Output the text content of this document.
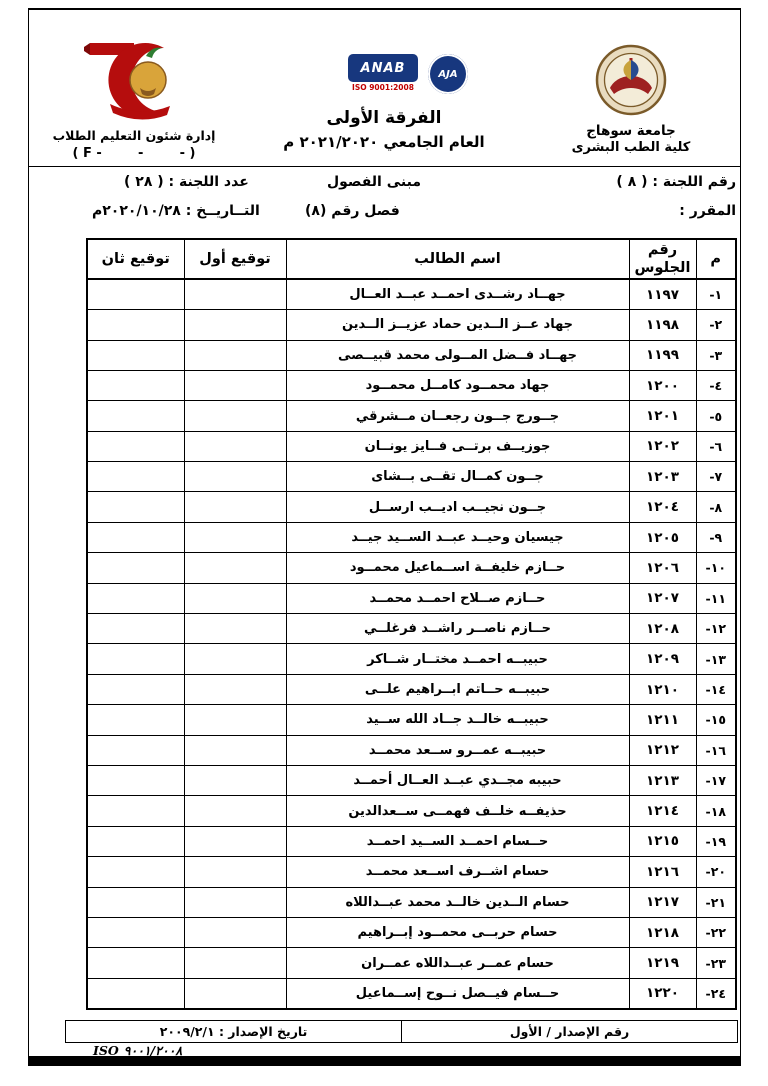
جامعة سوهاج
كلية الطب البشرى
ANAB
ISO 9001:2008
AJA
الفرقة الأولى
العام الجامعي ٢٠٢١/٢٠٢٠ م
إدارة شئون التعليم الطلاب
( F -        -        - )
رقم اللجنة : ( ٨ )
مبنى الفصول
عدد اللجنة : ( ٢٨ )
المقرر :
فصل رقم (٨)
التــاريــخ : ٢٠٢٠/١٠/٢٨م
م	رقم الجلوس	اسم الطالب	توقيع أول	توقيع ثان
١-	١١٩٧	جهــاد رشــدى احمــد عبــد العــال		
٢-	١١٩٨	جهاد عــز الــدين حماد عزيــز الــدين		
٣-	١١٩٩	جهــاد فــضل المــولى محمد قبيــصى		
٤-	١٢٠٠	جهاد محمــود كامــل محمــود		
٥-	١٢٠١	جــورج جــون رجعــان مــشرقي		
٦-	١٢٠٢	جوزيــف برتــى فــايز يونــان		
٧-	١٢٠٣	جــون كمــال تقــى بــشاى		
٨-	١٢٠٤	جــون نجيــب اديــب ارســل		
٩-	١٢٠٥	جيسيان وحيــد عبــد الســيد جيــد		
١٠-	١٢٠٦	حــازم خليفــة اســماعيل محمــود		
١١-	١٢٠٧	حــازم صــلاح احمــد محمــد		
١٢-	١٢٠٨	حــازم ناصــر راشــد فرغلــي		
١٣-	١٢٠٩	حبيبــه احمــد مختــار شــاكر		
١٤-	١٢١٠	حبيبــه حــاتم ابــراهيم علــى		
١٥-	١٢١١	حبيبــه خالــد جــاد الله ســيد		
١٦-	١٢١٢	حبيبــه عمــرو ســعد محمــد		
١٧-	١٢١٣	حبيبه مجــدي عبــد العــال أحمــد		
١٨-	١٢١٤	حذيفــه خلــف فهمــى ســعدالدين		
١٩-	١٢١٥	حــسام احمــد الســيد احمــد		
٢٠-	١٢١٦	حسام اشــرف اســعد محمــد		
٢١-	١٢١٧	حسام الــدين خالــد محمد عبــداللاه		
٢٢-	١٢١٨	حسام حربــى محمــود إبــراهيم		
٢٣-	١٢١٩	حسام عمــر عبــداللاه عمــران		
٢٤-	١٢٢٠	حــسام فيــصل نــوح إســماعيل		
رقم الإصدار / الأول
تاريخ الإصدار : ٢٠٠٩/٢/١
ISO ٩٠٠١/٢٠٠٨
